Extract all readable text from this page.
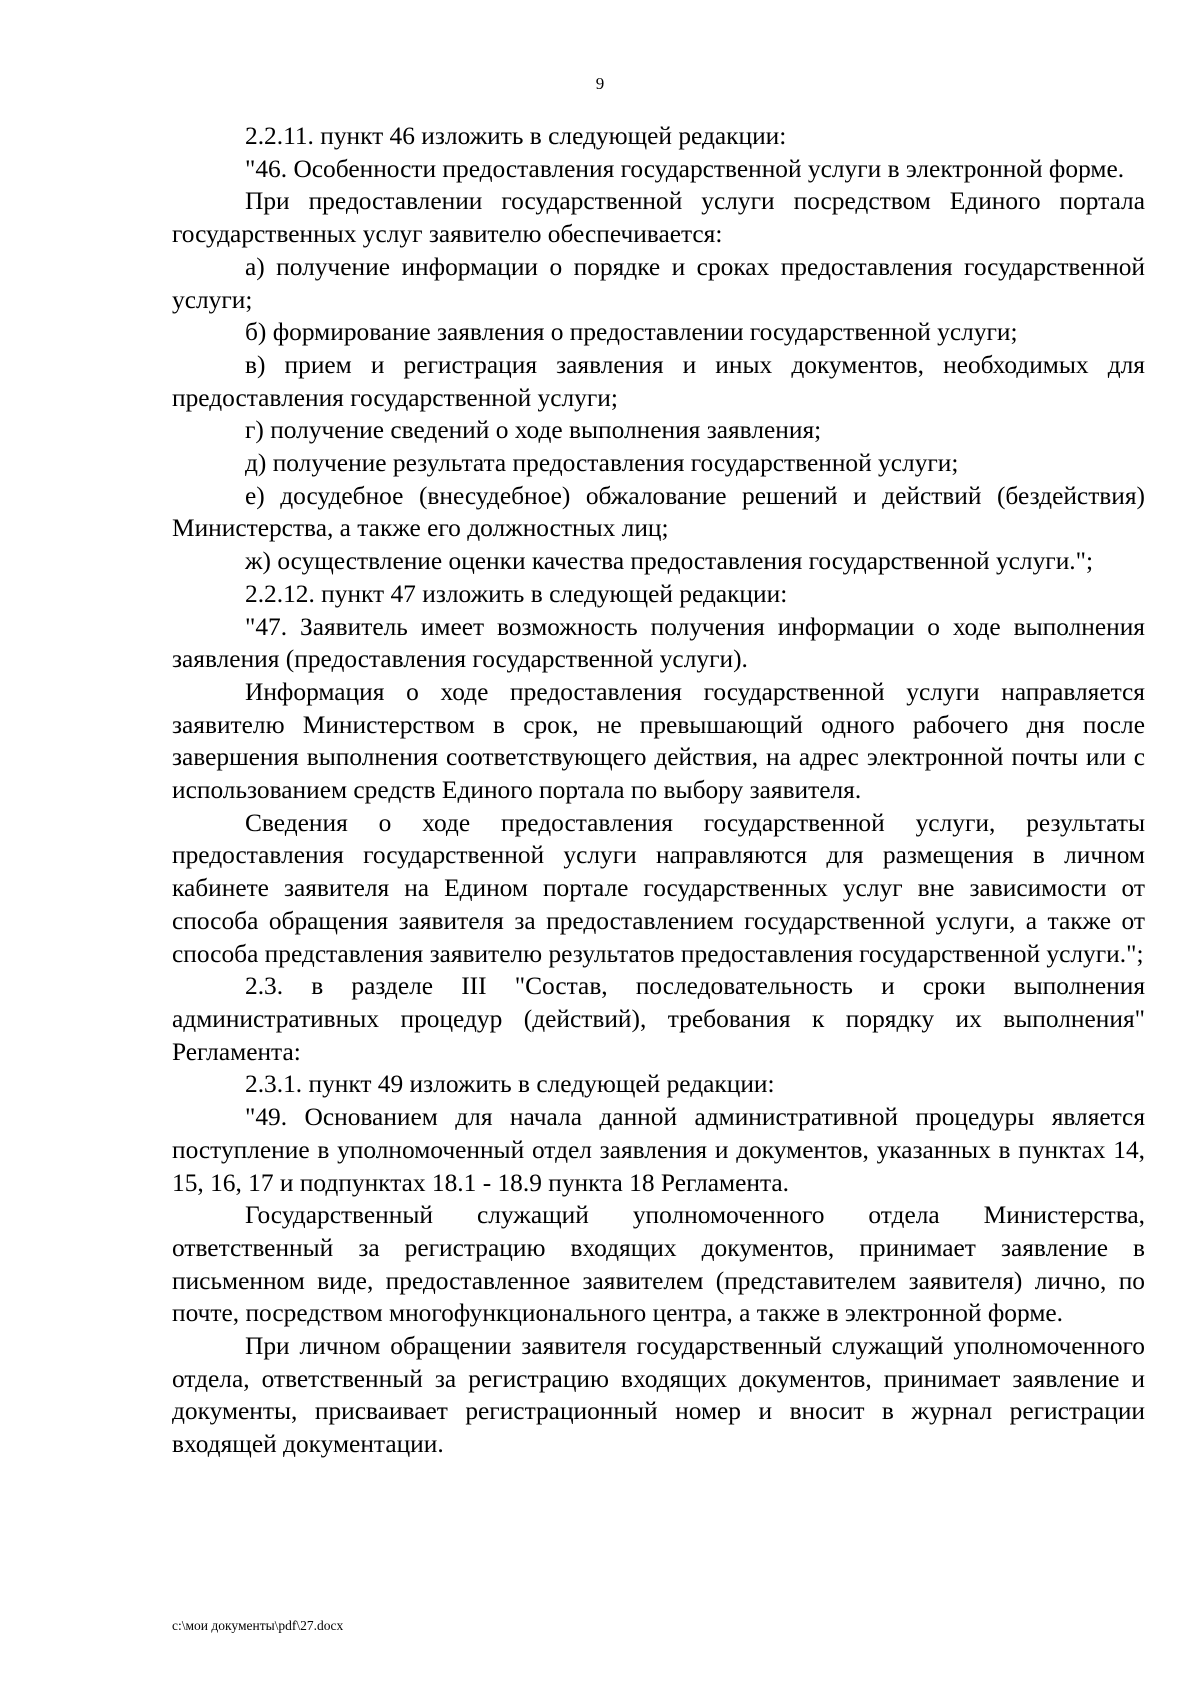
9

2.2.11. пункт 46 изложить в следующей редакции:

"46. Особенности предоставления государственной услуги в электронной форме.

При предоставлении государственной услуги посредством Единого портала государственных услуг заявителю обеспечивается:

а) получение информации о порядке и сроках предоставления государственной услуги;

б) формирование заявления о предоставлении государственной услуги;

в) прием и регистрация заявления и иных документов, необходимых для предоставления государственной услуги;

г) получение сведений о ходе выполнения заявления;

д) получение результата предоставления государственной услуги;

е) досудебное (внесудебное) обжалование решений и действий (бездействия) Министерства, а также его должностных лиц;

ж) осуществление оценки качества предоставления государственной услуги.";

2.2.12. пункт 47 изложить в следующей редакции:

"47. Заявитель имеет возможность получения информации о ходе выполнения заявления (предоставления государственной услуги).

Информация о ходе предоставления государственной услуги направляется заявителю Министерством в срок, не превышающий одного рабочего дня после завершения выполнения соответствующего действия, на адрес электронной почты или с использованием средств Единого портала по выбору заявителя.

Сведения о ходе предоставления государственной услуги, результаты предоставления государственной услуги направляются для размещения в личном кабинете заявителя на Едином портале государственных услуг вне зависимости от способа обращения заявителя за предоставлением государственной услуги, а также от способа представления заявителю результатов предоставления государственной услуги.";

2.3. в разделе III "Состав, последовательность и сроки выполнения административных процедур (действий), требования к порядку их выполнения" Регламента:

2.3.1. пункт 49 изложить в следующей редакции:

"49. Основанием для начала данной административной процедуры является поступление в уполномоченный отдел заявления и документов, указанных в пунктах 14, 15, 16, 17 и подпунктах 18.1 - 18.9 пункта 18 Регламента.

Государственный служащий уполномоченного отдела Министерства, ответственный за регистрацию входящих документов, принимает заявление в письменном виде, предоставленное заявителем (представителем заявителя) лично, по почте, посредством многофункционального центра, а также в электронной форме.

При личном обращении заявителя государственный служащий уполномоченного отдела, ответственный за регистрацию входящих документов, принимает заявление и документы, присваивает регистрационный номер и вносит в журнал регистрации входящей документации.

c:\мои документы\pdf\27.docx
